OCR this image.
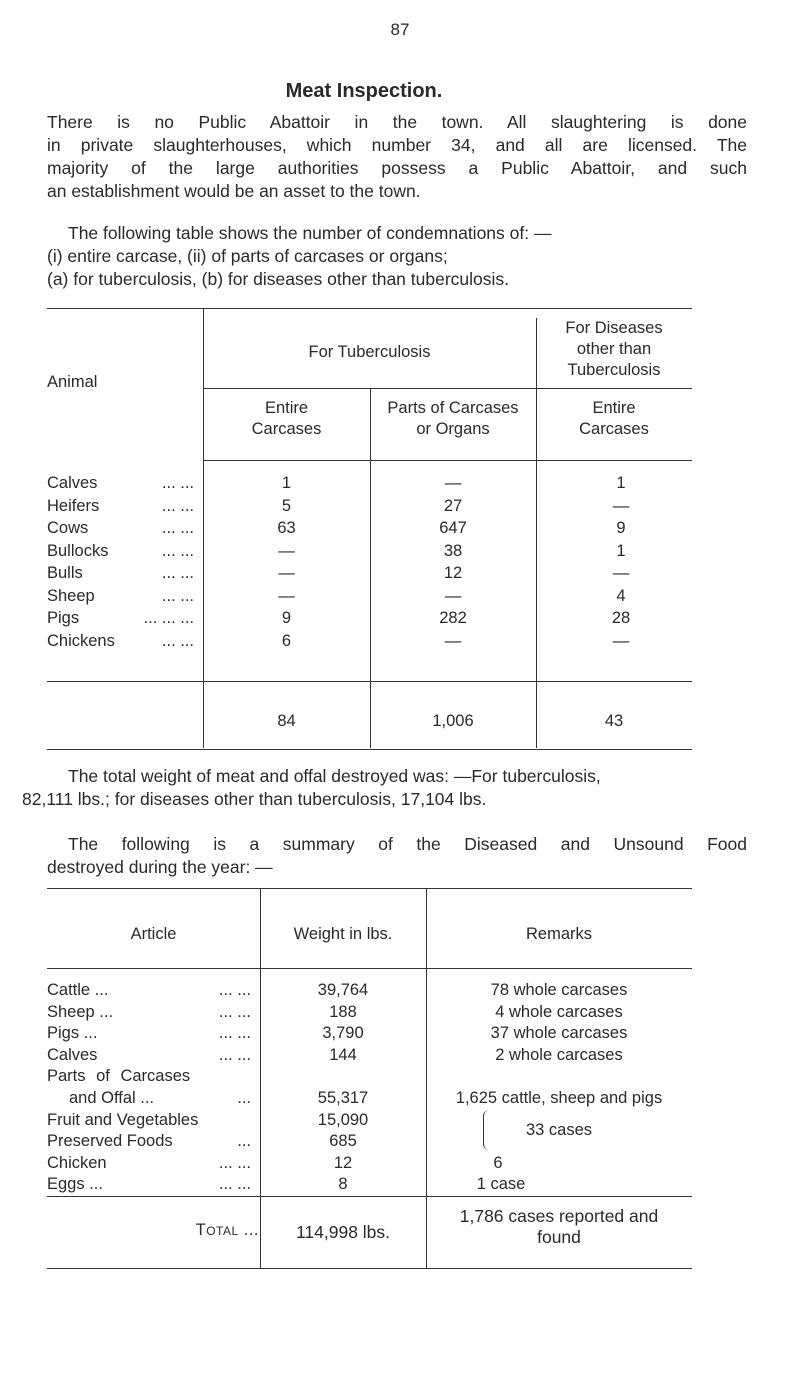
87
Meat Inspection.
There is no Public Abattoir in the town. All slaughtering is done
in private slaughterhouses, which number 34, and all are licensed. The
majority of the large authorities possess a Public Abattoir, and such
an establishment would be an asset to the town.
The following table shows the number of condemnations of: —
(i) entire carcase, (ii) of parts of carcases or organs;
(a) for tuberculosis, (b) for diseases other than tuberculosis.
Animal
For Tuberculosis
For Diseases
other than
Tuberculosis
Entire
Carcases
Parts of Carcases
or Organs
Entire
Carcases
Calves	... ...	1	—	1
Heifers	... ...	5	27	—
Cows	... ...	63	647	9
Bullocks	... ...	—	38	1
Bulls	... ...	—	12	—
Sheep	... ...	—	—	4
Pigs	... ... ...	9	282	28
Chickens	... ...	6	—	—
84	1,006	43
The total weight of meat and offal destroyed was: —For tuberculosis,
82,111 lbs.; for diseases other than tuberculosis, 17,104 lbs.
The following is a summary of the Diseased and Unsound Food
destroyed during the year: —
Article	Weight in lbs.	Remarks
Cattle ...	... ...	39,764	78 whole carcases
Sheep ...	... ...	188	4 whole carcases
Pigs ...	... ...	3,790	37 whole carcases
Calves	... ...	144	2 whole carcases
Parts of Carcases
and Offal ...	...	55,317	1,625 cattle, sheep and pigs
Fruit and Vegetables	15,090
33 cases
Preserved Foods	...	685
Chicken	... ...	12	6
Eggs ...	... ...	8	1 case
Total ...	114,998 lbs.
1,786 cases reported and
found
